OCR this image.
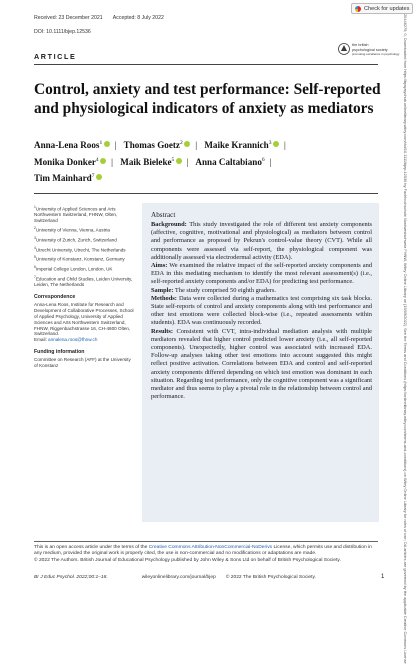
Received: 23 December 2021 Accepted: 8 July 2022
DOI: 10.1111/bjep.12536
Check for updates
the british
psychological society
promoting excellence in psychology
ARTICLE
Control, anxiety and test performance: Self-reported and physiological indicators of anxiety as mediators
Anna-Lena Roos$^1$ | Thomas Goetz$^2$ | Maike Krannich$^3$ |
Monika Donker$^4$ | Maik Bieleke$^5$ | Anna Caltabiano$^6$ |
Tim Mainhard$^7$
$^1$University of Applied Sciences and Arts Northwestern Switzerland, FHNW, Olten, Switzerland
$^2$University of Vienna, Vienna, Austria
$^3$University of Zurich, Zurich, Switzerland
$^4$Utrecht University, Utrecht, The Netherlands
$^5$University of Konstanz, Konstanz, Germany
$^6$Imperial College London, London, UK
$^7$Education and Child Studies, Leiden University, Leiden, The Netherlands
Correspondence
Anna-Lena Roos, Institute for Research and Development of Collaborative Processes, School of Applied Psychology, University of Applied Sciences and Arts Northwestern Switzerland, FHNW, Riggenbachstrasse 16, CH-4600 Olten, Switzerland.
Email: annalena.roos@fhnw.ch
Funding information
Committee on Research (AFF) at the University of Konstanz
Abstract

Background: This study investigated the role of different test anxiety components (affective, cognitive, motivational and physiological) as mediators between control and performance as proposed by Pekrun's control-value theory (CVT). While all components were assessed via self-report, the physiological component was additionally assessed via electrodermal activity (EDA).

Aims: We examined the relative impact of the self-reported anxiety components and EDA in this mediating mechanism to identify the most relevant assessment(s) (i.e., self-reported anxiety components and/or EDA) for predicting test performance.

Sample: The study comprised 50 eighth graders.

Methods: Data were collected during a mathematics test comprising six task blocks. State self-reports of control and anxiety components along with test performance and other test emotions were collected block-wise (i.e., repeated assessments within students). EDA was continuously recorded.

Results: Consistent with CVT, intra-individual mediation analysis with multiple mediators revealed that higher control predicted lower anxiety (i.e., all self-reported components). Unexpectedly, higher control was associated with increased EDA. Follow-up analyses taking other test emotions into account suggested this might reflect positive activation. Correlations between EDA and control and self-reported anxiety components differed depending on which test emotion was dominant in each situation. Regarding test performance, only the cognitive component was a significant mediator and thus seems to play a pivotal role in the relationship between control and performance.

This is an open access article under the terms of the Creative Commons Attribution-NonCommercial-NoDerivs License, which permits use and distribution in any medium, provided the original work is properly cited, the use is non-commercial and no modifications or adaptations are made.
© 2022 The Authors. British Journal of Educational Psychology published by John Wiley & Sons Ltd on behalf of British Psychological Society.
Br J Educ Psychol. 2022;00:1–18.	wileyonlinelibrary.com/journal/bjep © 2022 The British Psychological Society.	1	20448279, 0, Downloaded from https://bpspsychub.onlinelibrary.wiley.com/doi/10.1111/bjep.12536 by Fachhochschule Nordwestschweiz FHNW, Wiley Online Library on [19/09/2022]. See the Terms and Conditions (https://onlinelibrary.wiley.com/terms-and-conditions) on Wiley Online Library for rules of use; OA articles are governed by the applicable Creative Commons License
